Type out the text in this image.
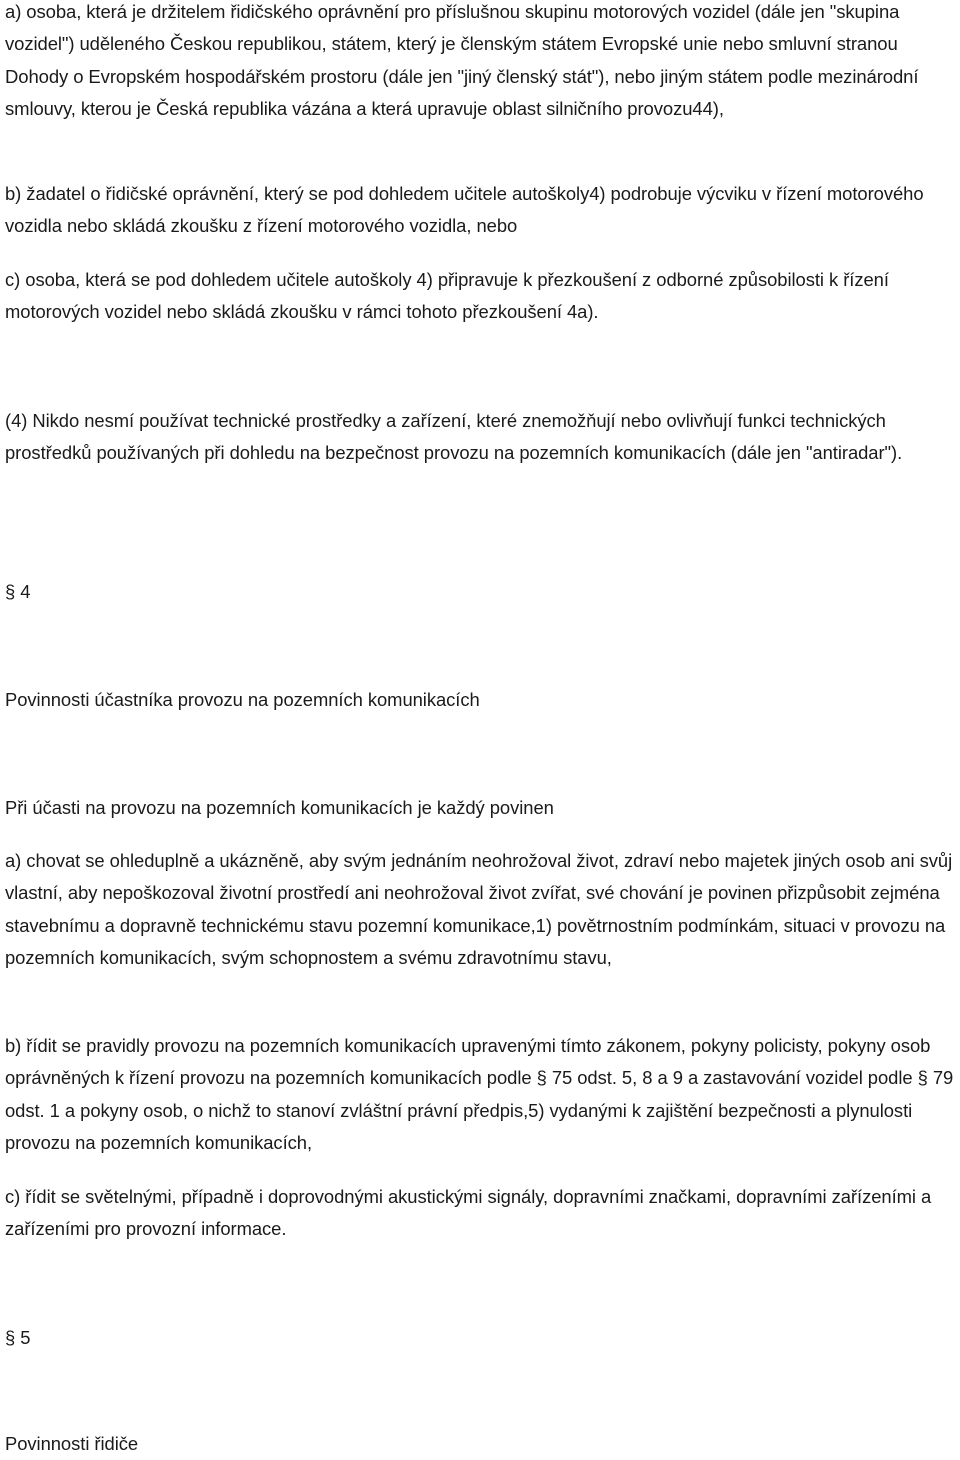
a) osoba, která je držitelem řidičského oprávnění pro příslušnou skupinu motorových vozidel (dále jen "skupina vozidel") uděleného Českou republikou, státem, který je členským státem Evropské unie nebo smluvní stranou Dohody o Evropském hospodářském prostoru (dále jen "jiný členský stát"), nebo jiným státem podle mezinárodní smlouvy, kterou je Česká republika vázána a která upravuje oblast silničního provozu44),

b) žadatel o řidičské oprávnění, který se pod dohledem učitele autoškoly4) podrobuje výcviku v řízení motorového vozidla nebo skládá zkoušku z řízení motorového vozidla, nebo

c) osoba, která se pod dohledem učitele autoškoly 4) připravuje k přezkoušení z odborné způsobilosti k řízení motorových vozidel nebo skládá zkoušku v rámci tohoto přezkoušení 4a).

(4) Nikdo nesmí používat technické prostředky a zařízení, které znemožňují nebo ovlivňují funkci technických prostředků používaných při dohledu na bezpečnost provozu na pozemních komunikacích (dále jen "antiradar").

§ 4

Povinnosti účastníka provozu na pozemních komunikacích

Při účasti na provozu na pozemních komunikacích je každý povinen

a) chovat se ohleduplně a ukázněně, aby svým jednáním neohrožoval život, zdraví nebo majetek jiných osob ani svůj vlastní, aby nepoškozoval životní prostředí ani neohrožoval život zvířat, své chování je povinen přizpůsobit zejména stavebnímu a dopravně technickému stavu pozemní komunikace,1) povětrnostním podmínkám, situaci v provozu na pozemních komunikacích, svým schopnostem a svému zdravotnímu stavu,

b) řídit se pravidly provozu na pozemních komunikacích upravenými tímto zákonem, pokyny policisty, pokyny osob oprávněných k řízení provozu na pozemních komunikacích podle § 75 odst. 5, 8 a 9 a zastavování vozidel podle § 79 odst. 1 a pokyny osob, o nichž to stanoví zvláštní právní předpis,5) vydanými k zajištění bezpečnosti a plynulosti provozu na pozemních komunikacích,

c) řídit se světelnými, případně i doprovodnými akustickými signály, dopravními značkami, dopravními zařízeními a zařízeními pro provozní informace.

§ 5

Povinnosti řidiče
